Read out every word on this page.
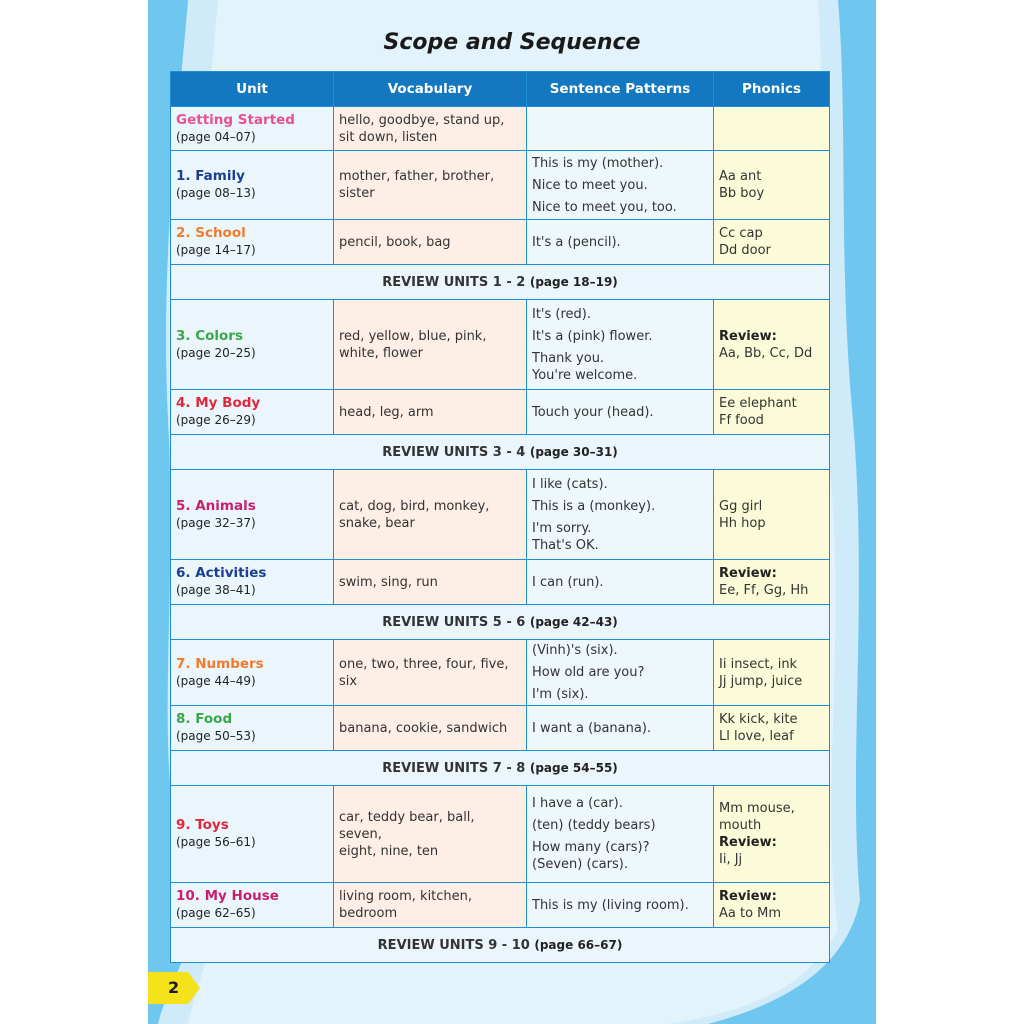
Scope and Sequence
Unit	Vocabulary	Sentence Patterns	Phonics

Getting Started
(page 04–07)	hello, goodbye, stand up,
sit down, listen		

1. Family
(page 08–13)	mother, father, brother, sister	This is my (mother).
Nice to meet you.
Nice to meet you, too.	Aa ant
Bb boy

2. School
(page 14–17)	pencil, book, bag	It's a (pencil).	Cc cap
Dd door

REVIEW UNITS 1 - 2 (page 18–19)			

3. Colors
(page 20–25)	red, yellow, blue, pink,
white, flower	It's (red).
It's a (pink) flower.
Thank you.
You're welcome.	Review:
Aa, Bb, Cc, Dd

4. My Body
(page 26–29)	head, leg, arm	Touch your (head).	Ee elephant
Ff food

REVIEW UNITS 3 - 4 (page 30–31)			

5. Animals
(page 32–37)	cat, dog, bird, monkey,
snake, bear	I like (cats).
This is a (monkey).
I'm sorry.
That's OK.	Gg girl
Hh hop

6. Activities
(page 38–41)	swim, sing, run	I can (run).	Review:
Ee, Ff, Gg, Hh

REVIEW UNITS 5 - 6 (page 42–43)			

7. Numbers
(page 44–49)	one, two, three, four, five, six	(Vinh)'s (six).
How old are you?
I'm (six).	Ii insect, ink
Jj jump, juice

8. Food
(page 50–53)	banana, cookie, sandwich	I want a (banana).	Kk kick, kite
Ll love, leaf

REVIEW UNITS 7 - 8 (page 54–55)			

9. Toys
(page 56–61)	car, teddy bear, ball, seven,
eight, nine, ten	I have a (car).
(ten) (teddy bears)
How many (cars)?
(Seven) (cars).	Mm mouse,
mouth
Review:
Ii, Jj

10. My House
(page 62–65)	living room, kitchen,
bedroom	This is my (living room).	Review:
Aa to Mm

REVIEW UNITS 9 - 10 (page 66–67)			
2
